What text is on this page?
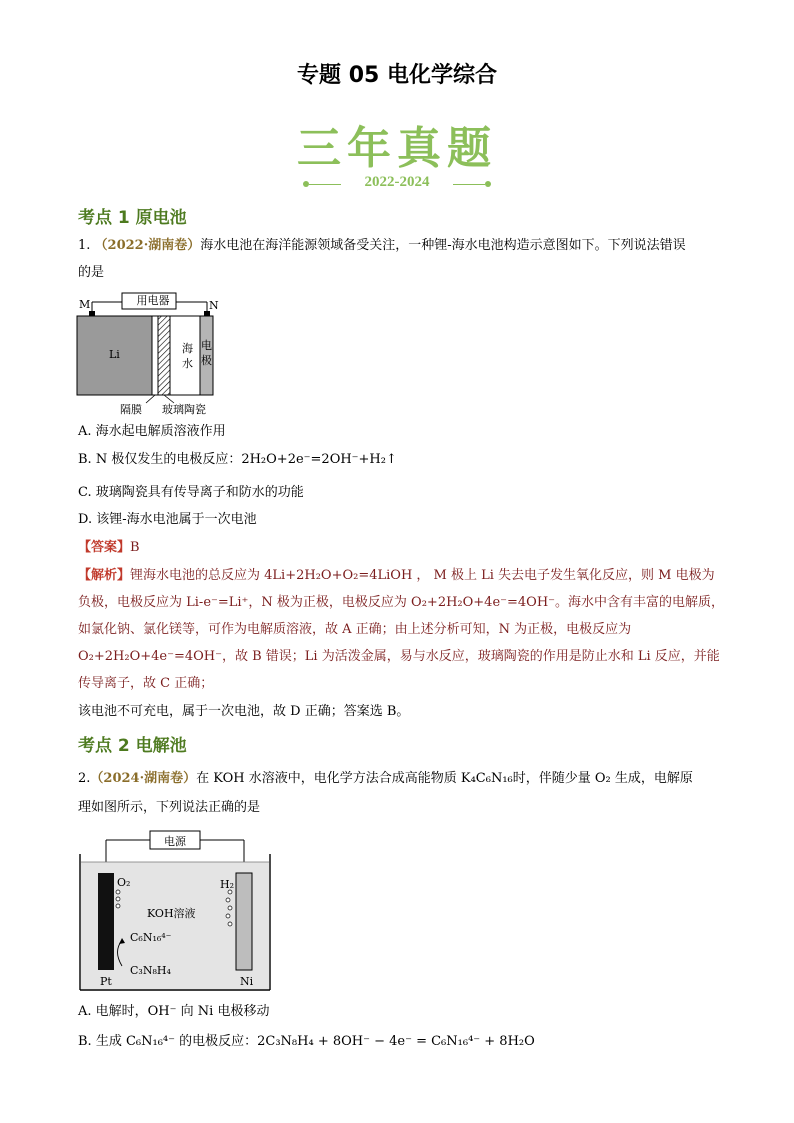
专题 05 电化学综合
三年真题
2022-2024
考点 1 原电池
1. （2022·湖南卷）海水电池在海洋能源领域备受关注，一种锂-海水电池构造示意图如下。下列说法错误
的是
用电器
M	N
Li	海
水
电
极
隔膜 玻璃陶瓷
A. 海水起电解质溶液作用
B. N 极仅发生的电极反应：2H₂O+2e⁻=2OH⁻+H₂↑
C. 玻璃陶瓷具有传导离子和防水的功能
D. 该锂-海水电池属于一次电池
【答案】B
【解析】锂海水电池的总反应为 4Li+2H₂O+O₂=4LiOH ， M 极上 Li 失去电子发生氧化反应，则 M 电极为
负极，电极反应为 Li-e⁻=Li⁺，N 极为正极，电极反应为 O₂+2H₂O+4e⁻=4OH⁻。海水中含有丰富的电解质，
如氯化钠、氯化镁等，可作为电解质溶液，故 A 正确；由上述分析可知，N 为正极，电极反应为
O₂+2H₂O+4e⁻=4OH⁻，故 B 错误；Li 为活泼金属，易与水反应，玻璃陶瓷的作用是防止水和 Li 反应，并能
传导离子，故 C 正确；
该电池不可充电，属于一次电池，故 D 正确；答案选 B。
考点 2 电解池
2.（2024·湖南卷）在 KOH 水溶液中，电化学方法合成高能物质 K₄C₆N₁₆时，伴随少量 O₂ 生成，电解原
理如图所示，下列说法正确的是
电源
O₂	H₂
KOH溶液
C₆N₁₆⁴⁻
C₃N₈H₄
Pt	Ni
A. 电解时，OH⁻ 向 Ni 电极移动
B. 生成 C₆N₁₆⁴⁻ 的电极反应：2C₃N₈H₄ + 8OH⁻ − 4e⁻ = C₆N₁₆⁴⁻ + 8H₂O
